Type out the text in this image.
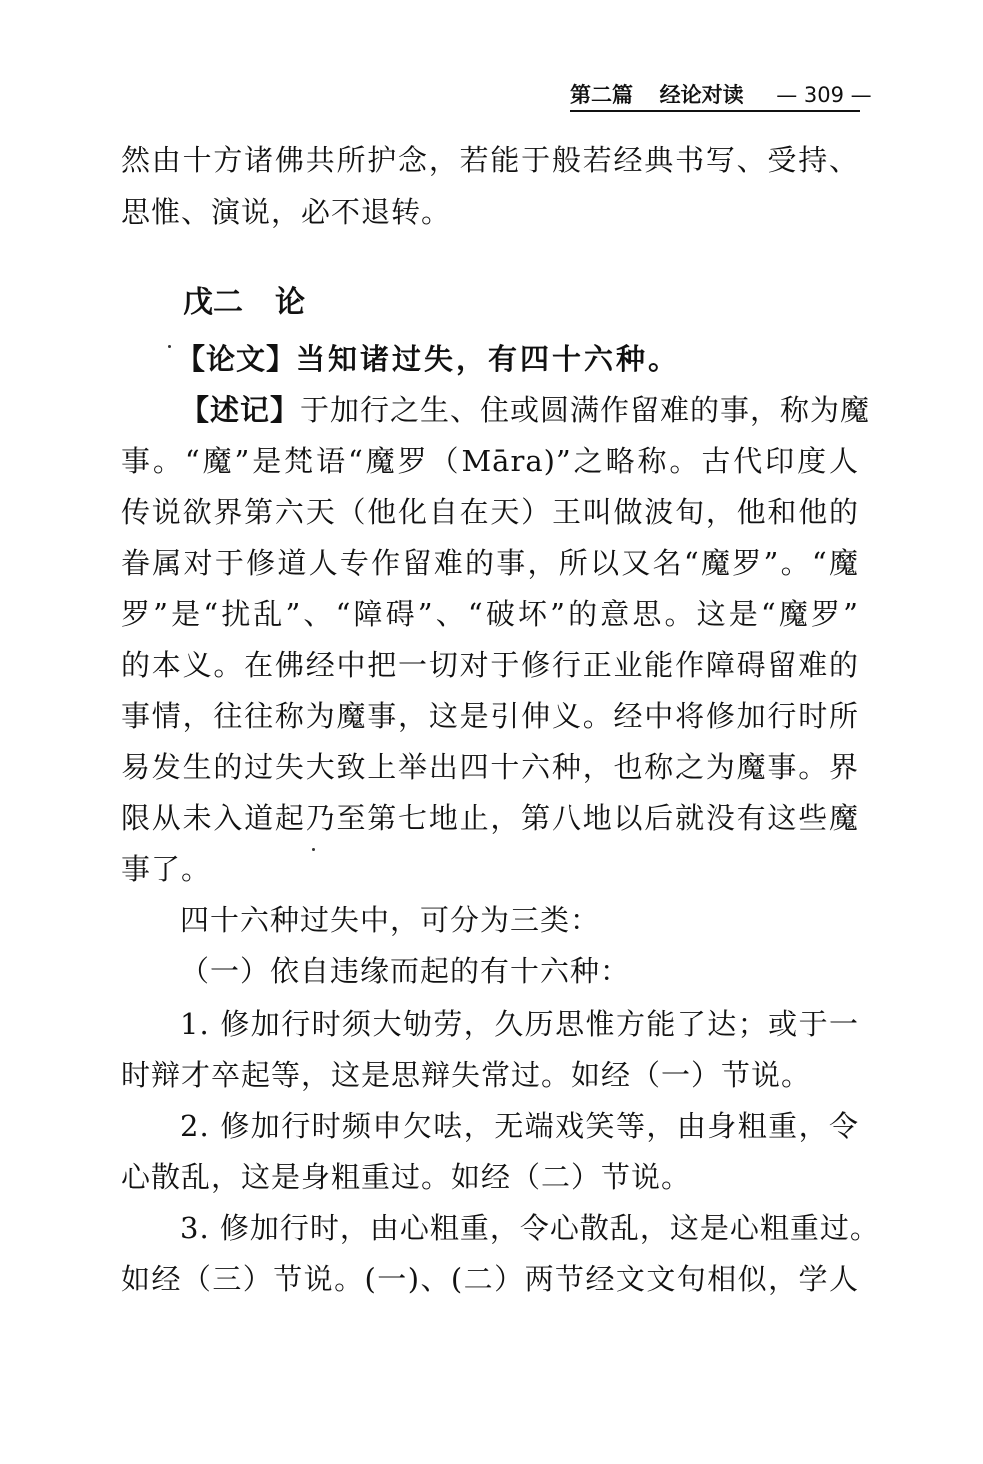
第二篇 经论对读 — 309 —
然由十方诸佛共所护念，若能于般若经典书写、受持、
思惟、演说，必不退转。
戊二 论
【论文】当知诸过失，有四十六种。
【述记】于加行之生、住或圆满作留难的事，称为魔
事。“魔”是梵语“魔罗（Māra)”之略称。古代印度人
传说欲界第六天（他化自在天）王叫做波旬，他和他的
眷属对于修道人专作留难的事，所以又名“魔罗”。“魔
罗”是“扰乱”、“障碍”、“破坏”的意思。这是“魔罗”
的本义。在佛经中把一切对于修行正业能作障碍留难的
事情，往往称为魔事，这是引伸义。经中将修加行时所
易发生的过失大致上举出四十六种，也称之为魔事。界
限从未入道起乃至第七地止，第八地以后就没有这些魔
事了。
四十六种过失中，可分为三类：
（一）依自违缘而起的有十六种：
1. 修加行时须大劬劳，久历思惟方能了达；或于一
时辩才卒起等，这是思辩失常过。如经（一）节说。
2. 修加行时频申欠呿，无端戏笑等，由身粗重，令
心散乱，这是身粗重过。如经（二）节说。
3. 修加行时，由心粗重，令心散乱，这是心粗重过。
如经（三）节说。(一)、(二）两节经文文句相似，学人
